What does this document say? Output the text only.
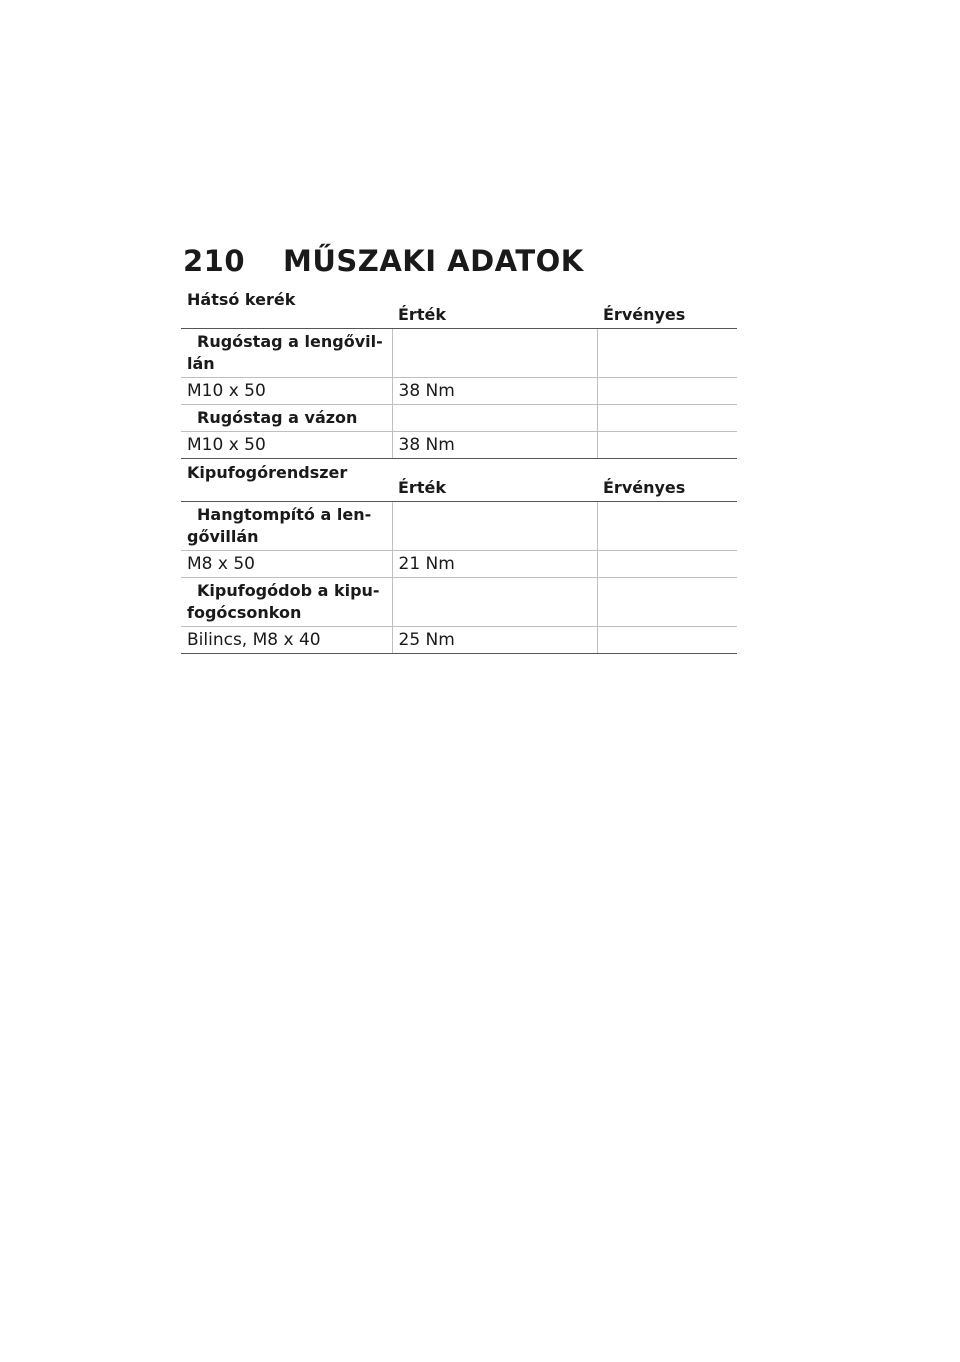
210 MŰSZAKI ADATOK
Hátsó kerék	Érték	Érvényes
Rugóstag a lengővil-
lán		
M10 x 50	38 Nm	
Rugóstag a vázon		
M10 x 50	38 Nm	
Kipufogórendszer	Érték	Érvényes
Hangtompító a len-
gővillán		
M8 x 50	21 Nm	
Kipufogódob a kipu-
fogócsonkon		
Bilincs, M8 x 40	25 Nm	
